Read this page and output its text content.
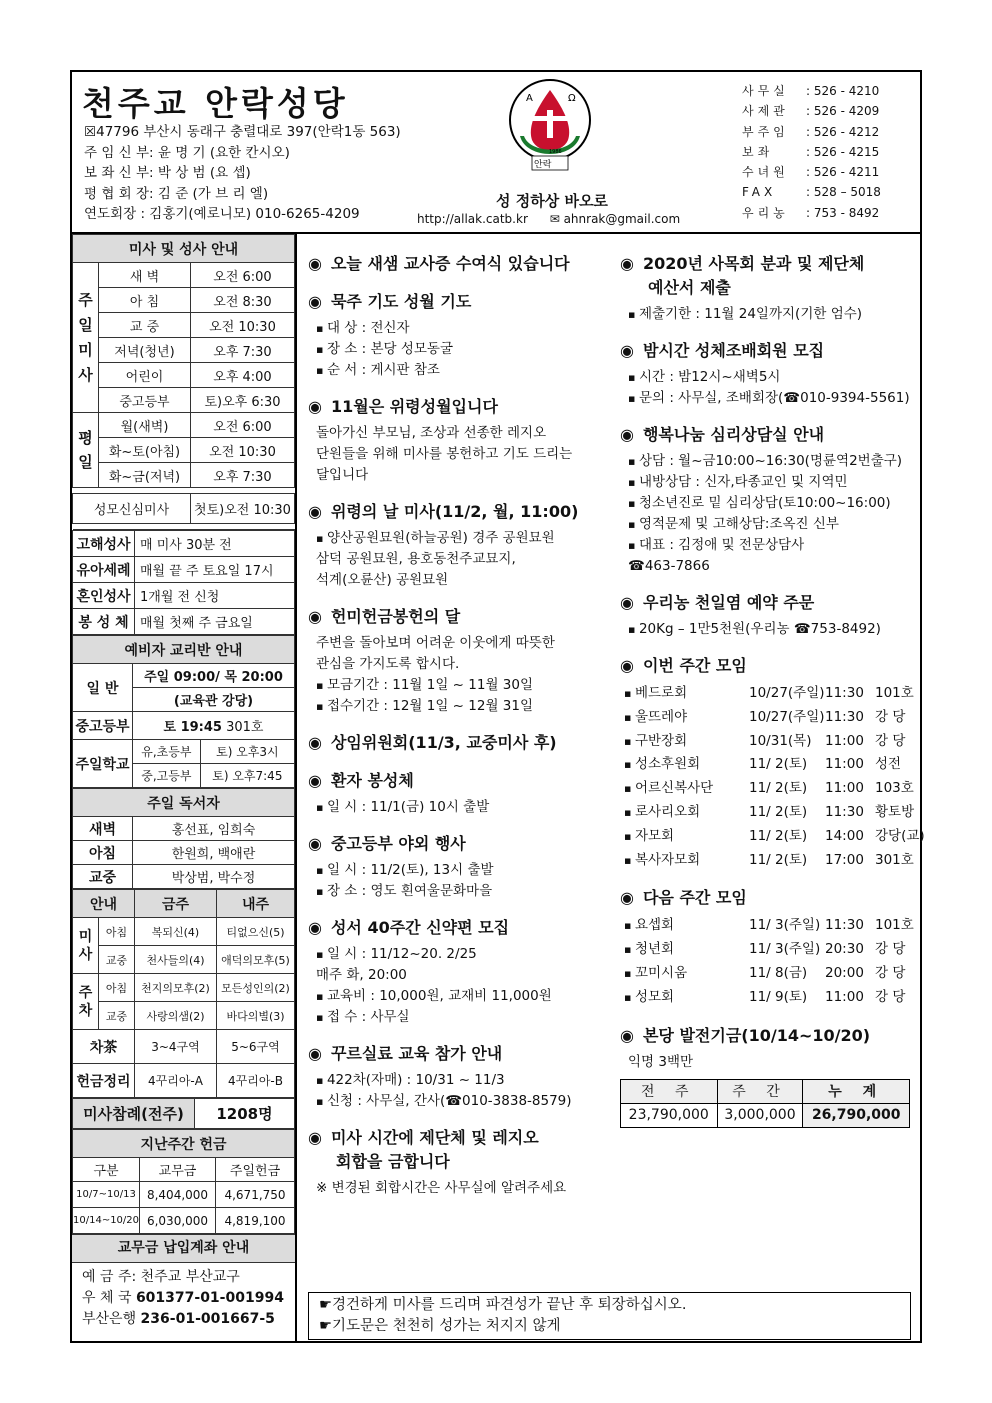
천주교 안락성당
☒47796 부산시 동래구 충렬대로 397(안락1동 563)
주 임 신 부: 윤 명 기 (요한 칸시오)
보 좌 신 부: 박 상 범 (요 셉)
평 협 회 장: 김 준 (가 브 리 엘)
연도회장 : 김홍기(예로니모) 010-6265-4209
A	Ω
안락
1986
성 정하상 바오로
http://allak.catb.kr ✉ ahnrak@gmail.com
사무실	: 526 - 4210
사제관	: 526 - 4209
부주임	: 526 - 4212
보좌	: 526 - 4215
수녀원	: 526 - 4211
FAX	: 528 – 5018
우리농	: 753 - 8492
미사 및 성사 안내		
주
일
미
사	새 벽	오전 6:00
	아 침	오전 8:30
	교 중	오전 10:30
	저녁(청년)	오후 7:30
	어린이	오후 4:00
	중고등부	토)오후 6:30
평
일	월(새벽)	오전 6:00
	화~토(아침)	오전 10:30
	화~금(저녁)	오후 7:30

성모신심미사		첫토)오전 10:30

고해성사	매 미사 30분 전
유아세례	매월 끝 주 토요일 17시
혼인성사	1개월 전 신청
봉 성 체	매월 첫째 주 금요일
예비자 교리반 안내		
일 반	주일 09:00/ 목 20:00	
	(교육관 강당)	
중고등부	토 19:45 301호	
주일학교	유,초등부	토) 오후3시
	중,고등부	토) 오후7:45
주일 독서자	
새벽	홍선표, 임희숙
아침	한원희, 백애란
교중	박상범, 박수정
안내		금주	내주
미
사	아침	복되신(4)	티없으신(5)
	교중	천사들의(4)	애덕의모후(5)
주
차	아침	천지의모후(2)	모든성인의(2)
	교중	사랑의샘(2)	바다의별(3)
차茶		3~4구역	5~6구역
헌금정리		4꾸리아-A	4꾸리아-B
미사참례(전주)	1208명
지난주간 헌금		
구분	교무금	주일헌금
10/7~10/13	8,404,000	4,671,750
10/14~10/20	6,030,000	4,819,100
교무금 납입계좌 안내
예 금 주: 천주교 부산교구
우 체 국 601377-01-001994
부산은행 236-01-001667-5
◉ 오늘 새샘 교사증 수여식 있습니다
◉ 묵주 기도 성월 기도
▪ 대 상 : 전신자
▪ 장 소 : 본당 성모동굴
▪ 순 서 : 게시판 참조
◉ 11월은 위령성월입니다
돌아가신 부모님, 조상과 선종한 레지오
단원들을 위해 미사를 봉헌하고 기도 드리는
달입니다
◉ 위령의 날 미사(11/2, 월, 11:00)
▪ 양산공원묘원(하늘공원) 경주 공원묘원
삼덕 공원묘원, 용호동천주교묘지,
석계(오륜산) 공원묘원
◉ 헌미헌금봉헌의 달
주변을 돌아보며 어려운 이웃에게 따뜻한
관심을 가지도록 합시다.
▪ 모금기간 : 11월 1일 ~ 11월 30일
▪ 접수기간 : 12월 1일 ~ 12월 31일
◉ 상임위원회(11/3, 교중미사 후)
◉ 환자 봉성체
▪ 일 시 : 11/1(금) 10시 출발
◉ 중고등부 야외 행사
▪ 일 시 : 11/2(토), 13시 출발
▪ 장 소 : 영도 흰여울문화마을
◉ 성서 40주간 신약편 모집
▪ 일 시 : 11/12~20. 2/25
매주 화, 20:00
▪ 교육비 : 10,000원, 교재비 11,000원
▪ 접 수 : 사무실
◉ 꾸르실료 교육 참가 안내
▪ 422차(자매) : 10/31 ~ 11/3
▪ 신청 : 사무실, 간사(☎010-3838-8579)
◉ 미사 시간에 제단체 및 레지오
회합을 금합니다
※ 변경된 회합시간은 사무실에 알려주세요
◉ 2020년 사목회 분과 및 제단체
예산서 제출
▪ 제출기한 : 11월 24일까지(기한 엄수)
◉ 밤시간 성체조배회원 모집
▪ 시간 : 밤12시~새벽5시
▪ 문의 : 사무실, 조배회장(☎010-9394-5561)
◉ 행복나눔 심리상담실 안내
▪ 상담 : 월~금10:00~16:30(명륜역2번출구)
▪ 내방상담 : 신자,타종교인 및 지역민
▪ 청소년진로 밑 심리상담(토10:00~16:00)
▪ 영적문제 및 고해상담:조옥진 신부
▪ 대표 : 김정애 및 전문상담사
☎463-7866
◉ 우리농 천일염 예약 주문
▪ 20Kg – 1만5천원(우리농 ☎753-8492)
◉ 이번 주간 모임
▪ 베드로회	10/27(주일) 11:30 101호
▪ 울뜨레야	10/27(주일) 11:30 강 당
▪ 구반장회	10/31(목)	11:00 강 당
▪ 성소후원회	11/ 2(토)	11:00 성전
▪ 어르신복사단	11/ 2(토)	11:00 103호
▪ 로사리오회	11/ 2(토)	11:30 황토방
▪ 자모회	11/ 2(토)	14:00 강당(교)
▪ 복사자모회	11/ 2(토)	17:00 301호
◉ 다음 주간 모임
▪ 요셉회	11/ 3(주일) 11:30 101호
▪ 청년회	11/ 3(주일) 20:30 강 당
▪ 꼬미시움	11/ 8(금)	20:00 강 당
▪ 성모회	11/ 9(토)	11:00 강 당
◉ 본당 발전기금(10/14~10/20)
익명 3백만
전 주	주 간	누 계
23,790,000	3,000,000	26,790,000
☛경건하게 미사를 드리며 파견성가 끝난 후 퇴장하십시오.
☛기도문은 천천히 성가는 처지지 않게
